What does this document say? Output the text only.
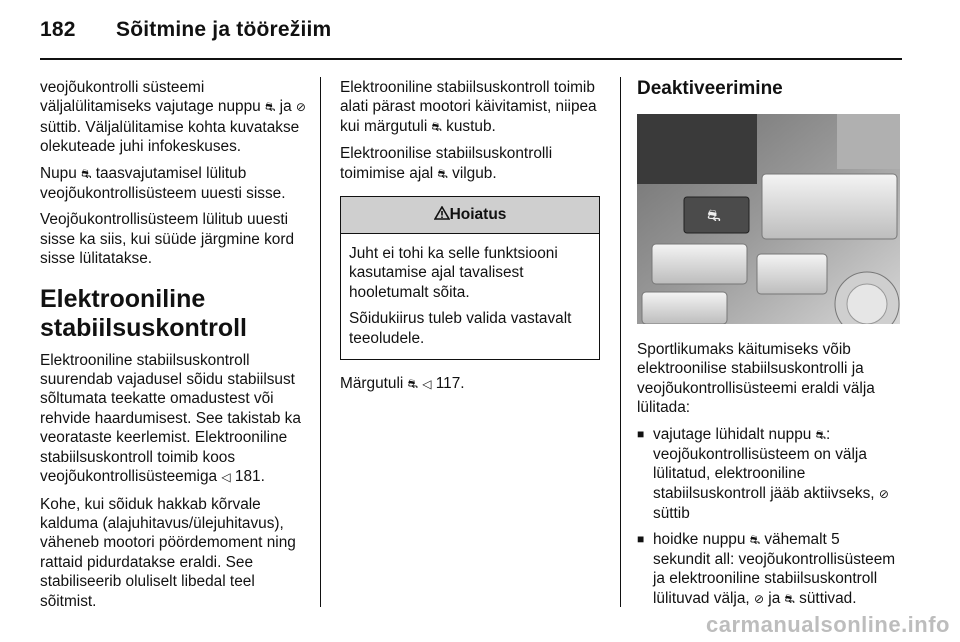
182 Sõitmine ja töörežiim

veojõukontrolli süsteemi väljalülitamiseks vajutage nuppu ⛐ ja ⊘ süttib. Väljalülitamise kohta kuvatakse olekuteade juhi infokeskuses.

Nupu ⛐ taasvajutamisel lülitub veojõukontrollisüsteem uuesti sisse.

Veojõukontrollisüsteem lülitub uuesti sisse ka siis, kui süüde järgmine kord sisse lülitatakse.

Elektrooniline stabiilsuskontroll

Elektrooniline stabiilsuskontroll suurendab vajadusel sõidu stabiilsust sõltumata teekatte omadustest või rehvide haardumisest. See takistab ka veorataste keerlemist. Elektrooniline stabiilsuskontroll toimib koos veojõukontrollisüsteemiga ◁ 181.

Kohe, kui sõiduk hakkab kõrvale kalduma (alajuhitavus/ülejuhitavus), väheneb mootori pöördemoment ning rattaid pidurdatakse eraldi. See stabiliseerib oluliselt libedal teel sõitmist.

Elektrooniline stabiilsuskontroll toimib alati pärast mootori käivitamist, niipea kui märgutuli ⛐ kustub.

Elektroonilise stabiilsuskontrolli toimimise ajal ⛐ vilgub.

Hoiatus

Juht ei tohi ka selle funktsiooni kasutamise ajal tavalisest hooletumalt sõita.

Sõidukiirus tuleb valida vastavalt teeoludele.

Märgutuli ⛐ ◁ 117.

Deaktiveerimine
⛐

Sportlikumaks käitumiseks võib elektroonilise stabiilsuskontrolli ja veojõukontrollisüsteemi eraldi välja lülitada:

■ vajutage lühidalt nuppu ⛐: veojõukontrollisüsteem on välja lülitatud, elektrooniline stabiilsuskontroll jääb aktiivseks, ⊘ süttib
■ hoidke nuppu ⛐ vähemalt 5 sekundit all: veojõukontrollisüsteem ja elektrooniline stabiilsuskontroll lülituvad välja, ⊘ ja ⛐ süttivad.
carmanualsonline.info
